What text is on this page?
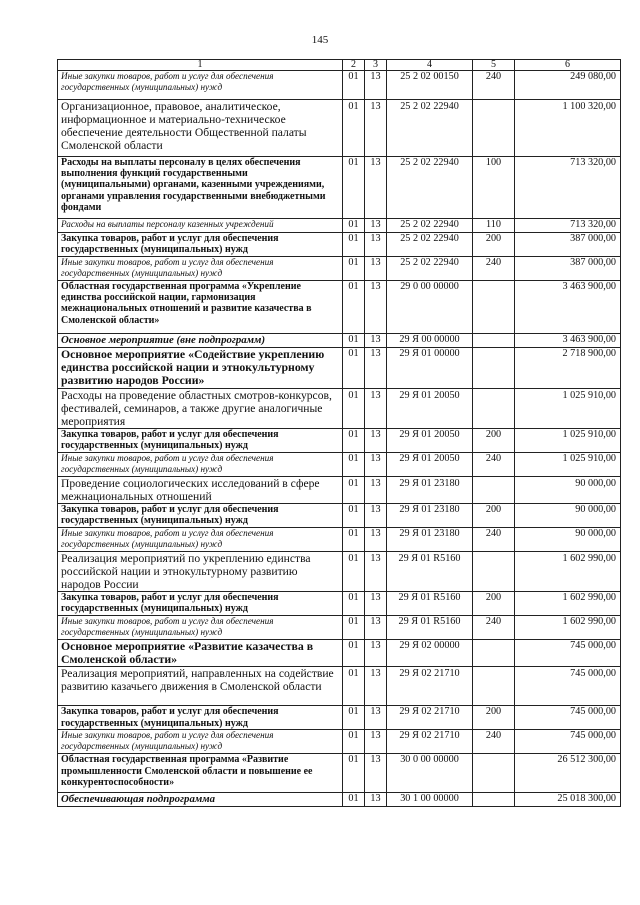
145
1	2	3	4	5	6
Иные закупки товаров, работ и услуг для обеспечения государственных (муниципальных) нужд	01	13	25 2 02 00150	240	249 080,00
Организационное, правовое, аналитическое, информационное и материально-техническое обеспечение деятельности Общественной палаты Смоленской области	01	13	25 2 02 22940		1 100 320,00
Расходы на выплаты персоналу в целях обеспечения выполнения функций государственными (муниципальными) органами, казенными учреждениями, органами управления государственными внебюджетными фондами	01	13	25 2 02 22940	100	713 320,00
Расходы на выплаты персоналу казенных учреждений	01	13	25 2 02 22940	110	713 320,00
Закупка товаров, работ и услуг для обеспечения государственных (муниципальных) нужд	01	13	25 2 02 22940	200	387 000,00
Иные закупки товаров, работ и услуг для обеспечения государственных (муниципальных) нужд	01	13	25 2 02 22940	240	387 000,00
Областная государственная программа «Укрепление единства российской нации, гармонизация межнациональных отношений и развитие казачества в Смоленской области»	01	13	29 0 00 00000		3 463 900,00
Основное мероприятие (вне подпрограмм)	01	13	29 Я 00 00000		3 463 900,00
Основное мероприятие «Содействие укреплению единства российской нации и этнокультурному развитию народов России»	01	13	29 Я 01 00000		2 718 900,00
Расходы на проведение областных смотров-конкурсов, фестивалей, семинаров, а также другие аналогичные мероприятия	01	13	29 Я 01 20050		1 025 910,00
Закупка товаров, работ и услуг для обеспечения государственных (муниципальных) нужд	01	13	29 Я 01 20050	200	1 025 910,00
Иные закупки товаров, работ и услуг для обеспечения государственных (муниципальных) нужд	01	13	29 Я 01 20050	240	1 025 910,00
Проведение социологических исследований в сфере межнациональных отношений	01	13	29 Я 01 23180		90 000,00
Закупка товаров, работ и услуг для обеспечения государственных (муниципальных) нужд	01	13	29 Я 01 23180	200	90 000,00
Иные закупки товаров, работ и услуг для обеспечения государственных (муниципальных) нужд	01	13	29 Я 01 23180	240	90 000,00
Реализация мероприятий по укреплению единства российской нации и этнокультурному развитию народов России	01	13	29 Я 01 R5160		1 602 990,00
Закупка товаров, работ и услуг для обеспечения государственных (муниципальных) нужд	01	13	29 Я 01 R5160	200	1 602 990,00
Иные закупки товаров, работ и услуг для обеспечения государственных (муниципальных) нужд	01	13	29 Я 01 R5160	240	1 602 990,00
Основное мероприятие «Развитие казачества в Смоленской области»	01	13	29 Я 02 00000		745 000,00
Реализация мероприятий, направленных на содействие развитию казачьего движения в Смоленской области	01	13	29 Я 02 21710		745 000,00
Закупка товаров, работ и услуг для обеспечения государственных (муниципальных) нужд	01	13	29 Я 02 21710	200	745 000,00
Иные закупки товаров, работ и услуг для обеспечения государственных (муниципальных) нужд	01	13	29 Я 02 21710	240	745 000,00
Областная государственная программа «Развитие промышленности Смоленской области и повышение ее конкурентоспособности»	01	13	30 0 00 00000		26 512 300,00
Обеспечивающая подпрограмма	01	13	30 1 00 00000		25 018 300,00
